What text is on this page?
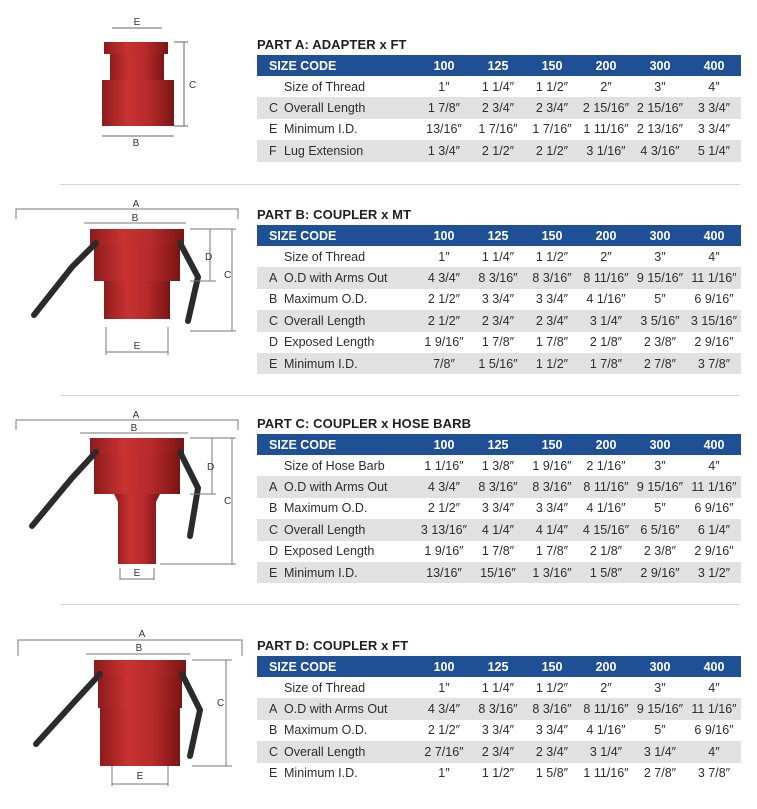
PART A: ADAPTER x FT
SIZE CODE	100	125	150	200	300	400
Size of Thread	1″	1 1/4″	1 1/2″	2″	3″	4″
C Overall Length	1 7/8″	2 3/4″	2 3/4″	2 15/16″	2 15/16″	3 3/4″
E Minimum I.D.	13/16″	1 7/16″	1 7/16″	1 11/16″	2 13/16″	3 3/4″
F Lug Extension	1 3/4″	2 1/2″	2 1/2″	3 1/16″	4 3/16″	5 1/4″
E
C
B
PART B: COUPLER x MT
SIZE CODE	100	125	150	200	300	400
Size of Thread	1″	1 1/4″	1 1/2″	2″	3″	4″
A O.D with Arms Out	4 3/4″	8 3/16″	8 3/16″	8 11/16″	9 15/16″	11 1/16″
B Maximum O.D.	2 1/2″	3 3/4″	3 3/4″	4 1/16″	5″	6 9/16″
C Overall Length	2 1/2″	2 3/4″	2 3/4″	3 1/4″	3 5/16″	3 15/16″
D Exposed Length	1 9/16″	1 7/8″	1 7/8″	2 1/8″	2 3/8″	2 9/16″
E Minimum I.D.	7/8″	1 5/16″	1 1/2″	1 7/8″	2 7/8″	3 7/8″
A
B
D
C
E
PART C: COUPLER x HOSE BARB
SIZE CODE	100	125	150	200	300	400
Size of Hose Barb	1 1/16″	1 3/8″	1 9/16″	2 1/16″	3″	4″
A O.D with Arms Out	4 3/4″	8 3/16″	8 3/16″	8 11/16″	9 15/16″	11 1/16″
B Maximum O.D.	2 1/2″	3 3/4″	3 3/4″	4 1/16″	5″	6 9/16″
C Overall Length	3 13/16″	4 1/4″	4 1/4″	4 15/16″	6 5/16″	6 1/4″
D Exposed Length	1 9/16″	1 7/8″	1 7/8″	2 1/8″	2 3/8″	2 9/16″
E Minimum I.D.	13/16″	15/16″	1 3/16″	1 5/8″	2 9/16″	3 1/2″
A
B
D
C
E
PART D: COUPLER x FT
SIZE CODE	100	125	150	200	300	400
Size of Thread	1″	1 1/4″	1 1/2″	2″	3″	4″
A O.D with Arms Out	4 3/4″	8 3/16″	8 3/16″	8 11/16″	9 15/16″	11 1/16″
B Maximum O.D.	2 1/2″	3 3/4″	3 3/4″	4 1/16″	5″	6 9/16″
C Overall Length	2 7/16″	2 3/4″	2 3/4″	3 1/4″	3 1/4″	4″
E Minimum I.D.	1″	1 1/2″	1 5/8″	1 11/16″	2 7/8″	3 7/8″
A
B
C
E
